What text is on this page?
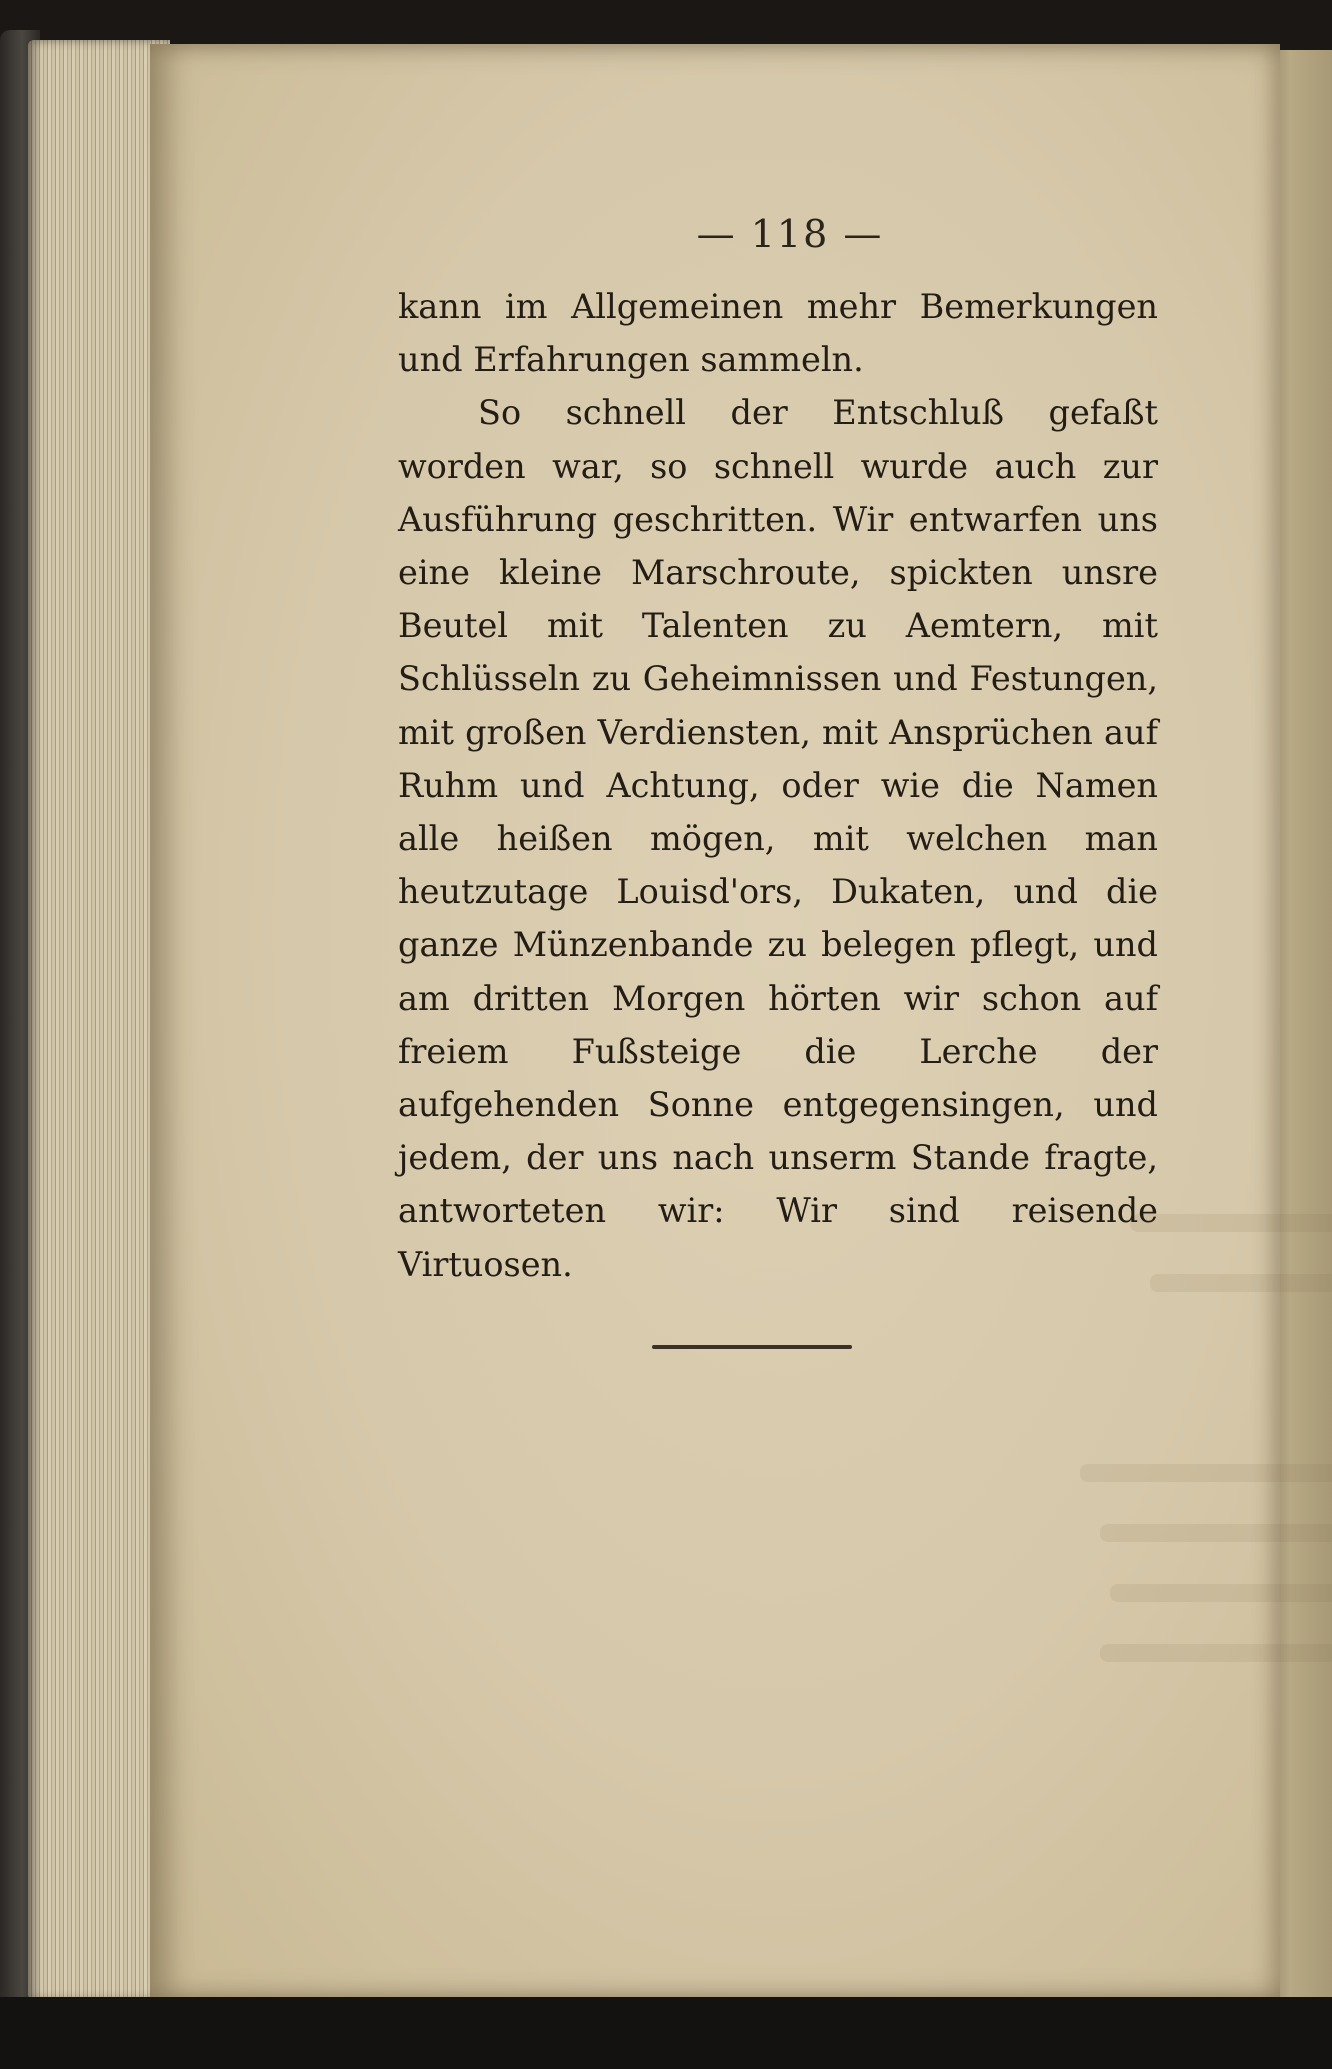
— 118 —

kann im Allgemeinen mehr Bemerkungen und Erfahrungen sammeln.

So schnell der Entschluß gefaßt worden war, so schnell wurde auch zur Ausführung geschritten. Wir entwarfen uns eine kleine Marschroute, spickten unsre Beutel mit Talenten zu Aemtern, mit Schlüsseln zu Geheimnissen und Festungen, mit großen Verdiensten, mit Ansprüchen auf Ruhm und Achtung, oder wie die Namen alle heißen mögen, mit welchen man heutzutage Louisd'ors, Dukaten, und die ganze Münzenbande zu belegen pflegt, und am dritten Morgen hörten wir schon auf freiem Fußsteige die Lerche der aufgehenden Sonne entgegensingen, und jedem, der uns nach unserm Stande fragte, antworteten wir: Wir sind reisende Virtuosen.
